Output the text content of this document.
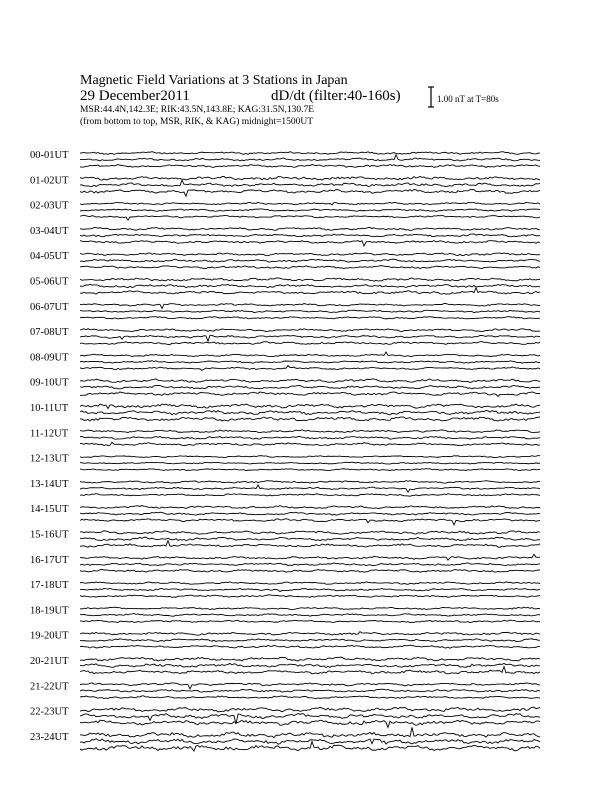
Magnetic Field Variations at 3 Stations in Japan
29 December2011	dD/dt (filter:40-160s)
MSR:44.4N,142.3E; RIK:43.5N,143.8E; KAG:31.5N,130.7E
(from bottom to top, MSR, RIK, & KAG) midnight=1500UT
1.00 nT at T=80s
00-01UT
01-02UT
02-03UT
03-04UT
04-05UT
05-06UT
06-07UT
07-08UT
08-09UT
09-10UT
10-11UT
11-12UT
12-13UT
13-14UT
14-15UT
15-16UT
16-17UT
17-18UT
18-19UT
19-20UT
20-21UT
21-22UT
22-23UT
23-24UT
